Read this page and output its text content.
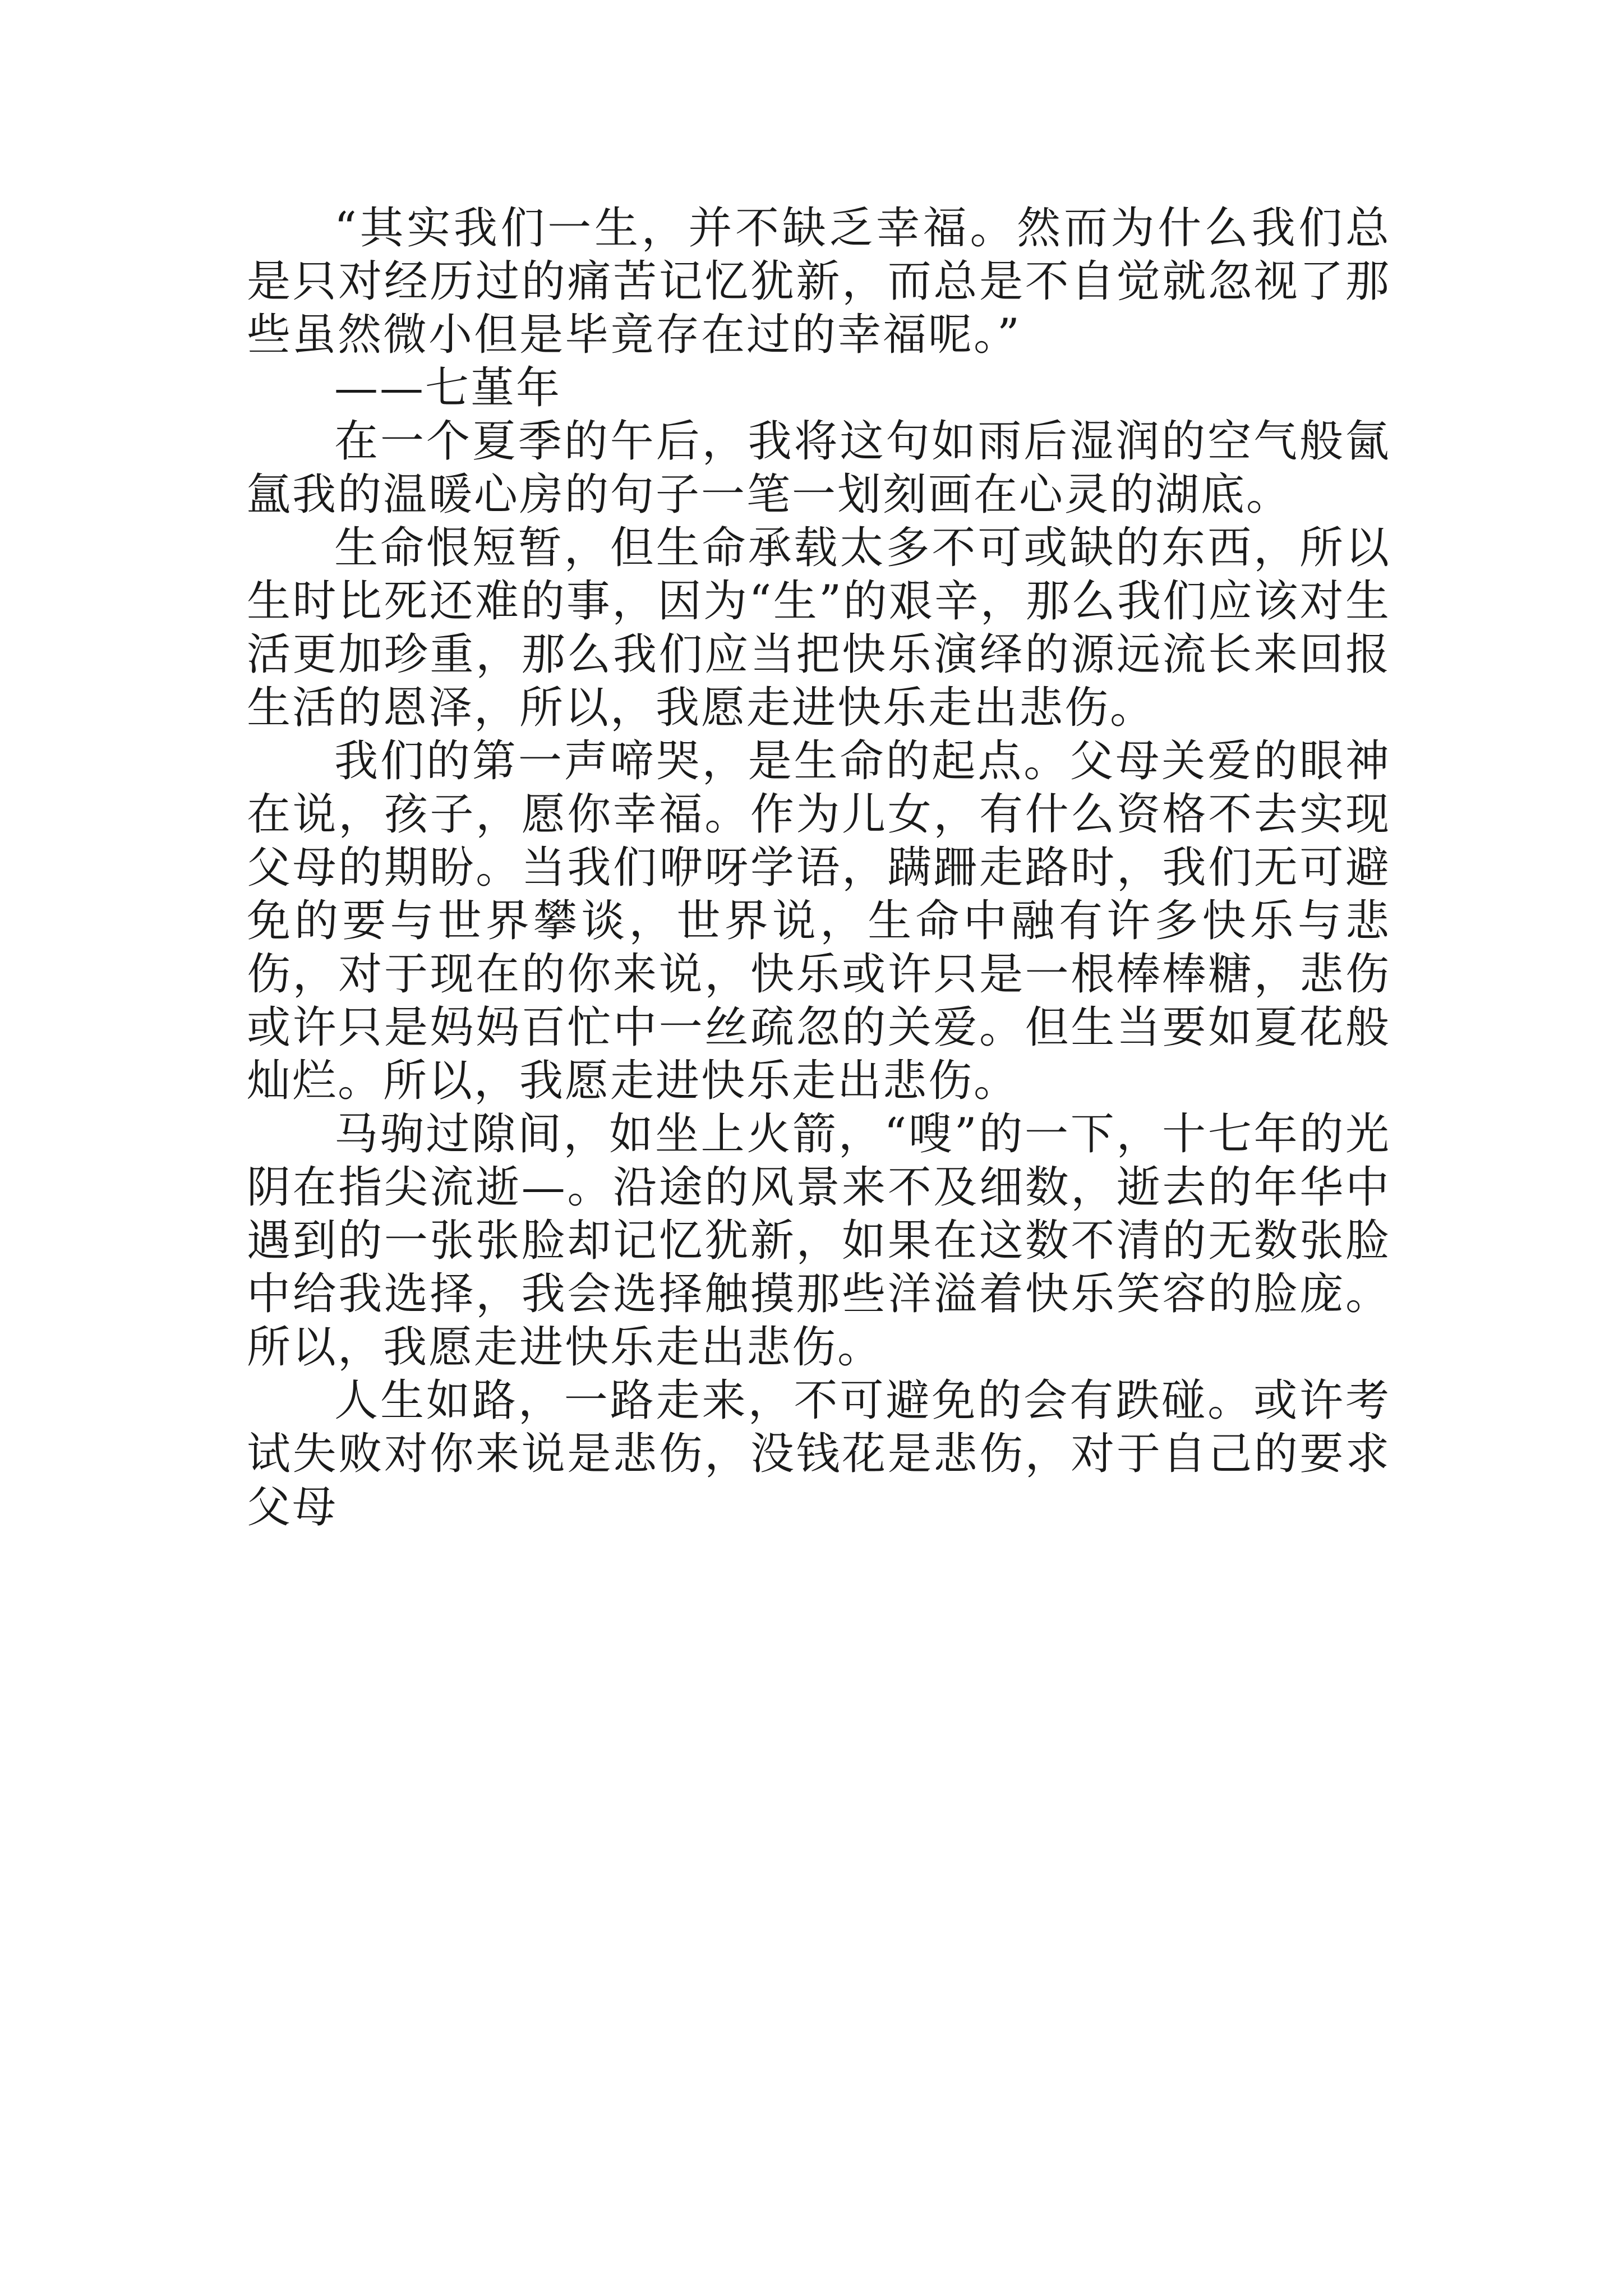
“其实我们一生，并不缺乏幸福。然而为什么我们总是只对经历过的痛苦记忆犹新，而总是不自觉就忽视了那些虽然微小但是毕竟存在过的幸福呢。”

——七堇年

在一个夏季的午后，我将这句如雨后湿润的空气般氤氲我的温暖心房的句子一笔一划刻画在心灵的湖底。

生命恨短暂，但生命承载太多不可或缺的东西，所以生时比死还难的事，因为“生”的艰辛，那么我们应该对生活更加珍重，那么我们应当把快乐演绎的源远流长来回报生活的恩泽，所以，我愿走进快乐走出悲伤。

我们的第一声啼哭，是生命的起点。父母关爱的眼神在说，孩子，愿你幸福。作为儿女，有什么资格不去实现父母的期盼。当我们咿呀学语，蹒跚走路时，我们无可避免的要与世界攀谈，世界说，生命中融有许多快乐与悲伤，对于现在的你来说，快乐或许只是一根棒棒糖，悲伤或许只是妈妈百忙中一丝疏忽的关爱。但生当要如夏花般灿烂。所以，我愿走进快乐走出悲伤。

马驹过隙间，如坐上火箭，“嗖”的一下，十七年的光阴在指尖流逝—。沿途的风景来不及细数，逝去的年华中遇到的一张张脸却记忆犹新，如果在这数不清的无数张脸中给我选择，我会选择触摸那些洋溢着快乐笑容的脸庞。所以，我愿走进快乐走出悲伤。

人生如路，一路走来，不可避免的会有跌碰。或许考试失败对你来说是悲伤，没钱花是悲伤，对于自己的要求父母
